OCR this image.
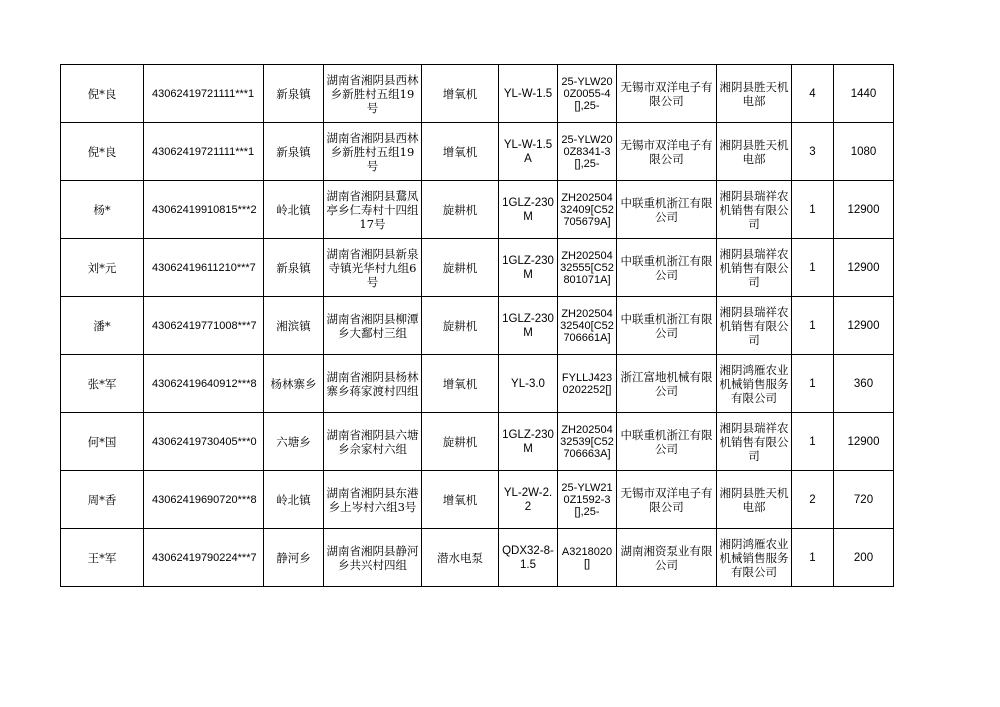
倪*良	43062419721111***1	新泉镇	湖南省湘阴县西林乡新胜村五组19号	增氧机	YL-W-1.5	25-YLW200Z0055-4[],25-	无锡市双洋电子有限公司	湘阴县胜天机电部	4	1440
倪*良	43062419721111***1	新泉镇	湖南省湘阴县西林乡新胜村五组19号	增氧机	YL-W-1.5A	25-YLW200Z8341-3[],25-	无锡市双洋电子有限公司	湘阴县胜天机电部	3	1080
杨*	43062419910815***2	岭北镇	湖南省湘阴县鵞凤亭乡仁寿村十四组17号	旋耕机	1GLZ-230M	ZH20250432409[C52705679A]	中联重机浙江有限公司	湘阴县瑞祥农机销售有限公司	1	12900
刘*元	43062419611210***7	新泉镇	湖南省湘阴县新泉寺镇光华村九组6号	旋耕机	1GLZ-230M	ZH20250432555[C52801071A]	中联重机浙江有限公司	湘阴县瑞祥农机销售有限公司	1	12900
潘*	43062419771008***7	湘滨镇	湖南省湘阴县柳潭乡大鄱村三组	旋耕机	1GLZ-230M	ZH20250432540[C52706661A]	中联重机浙江有限公司	湘阴县瑞祥农机销售有限公司	1	12900
张*军	43062419640912***8	杨林寨乡	湖南省湘阴县杨林寨乡蒋家渡村四组	增氧机	YL-3.0	FYLLJ4230202252[]	浙江富地机械有限公司	湘阴鸿雁农业机械销售服务有限公司	1	360
何*国	43062419730405***0	六塘乡	湖南省湘阴县六塘乡佘家村六组	旋耕机	1GLZ-230M	ZH20250432539[C52706663A]	中联重机浙江有限公司	湘阴县瑞祥农机销售有限公司	1	12900
周*香	43062419690720***8	岭北镇	湖南省湘阴县东港乡上岑村六组3号	增氧机	YL-2W-2.2	25-YLW210Z1592-3[],25-	无锡市双洋电子有限公司	湘阴县胜天机电部	2	720
王*军	43062419790224***7	静河乡	湖南省湘阴县静河乡共兴村四组	潜水电泵	QDX32-8-1.5	A3218020[]	湖南湘资泵业有限公司	湘阴鸿雁农业机械销售服务有限公司	1	200
